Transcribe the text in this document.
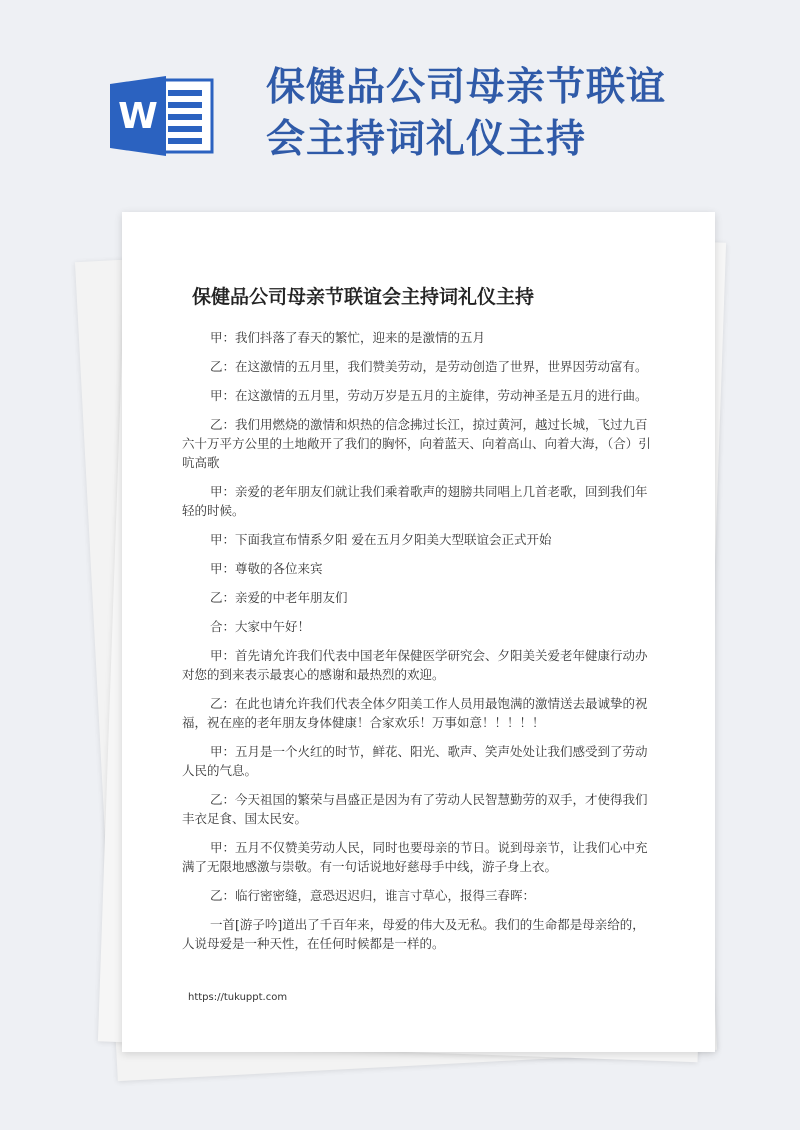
W
保健品公司母亲节联谊
会主持词礼仪主持
保健品公司母亲节联谊会主持词礼仪主持

甲：我们抖落了春天的繁忙，迎来的是激情的五月

乙：在这激情的五月里，我们赞美劳动，是劳动创造了世界，世界因劳动富有。

甲：在这激情的五月里，劳动万岁是五月的主旋律，劳动神圣是五月的进行曲。

乙：我们用燃烧的激情和炽热的信念拂过长江，掠过黄河，越过长城，飞过九百六十万平方公里的土地敞开了我们的胸怀，向着蓝天、向着高山、向着大海，（合）引吭高歌

甲：亲爱的老年朋友们就让我们乘着歌声的翅膀共同唱上几首老歌，回到我们年轻的时候。

甲：下面我宣布情系夕阳 爱在五月夕阳美大型联谊会正式开始

甲：尊敬的各位来宾

乙：亲爱的中老年朋友们

合：大家中午好！

甲：首先请允许我们代表中国老年保健医学研究会、夕阳美关爱老年健康行动办对您的到来表示最衷心的感谢和最热烈的欢迎。

乙：在此也请允许我们代表全体夕阳美工作人员用最饱满的激情送去最诚挚的祝福，祝在座的老年朋友身体健康！合家欢乐！万事如意！！！！！

甲：五月是一个火红的时节，鲜花、阳光、歌声、笑声处处让我们感受到了劳动人民的气息。

乙：今天祖国的繁荣与昌盛正是因为有了劳动人民智慧勤劳的双手，才使得我们丰衣足食、国太民安。

甲：五月不仅赞美劳动人民，同时也要母亲的节日。说到母亲节，让我们心中充满了无限地感激与崇敬。有一句话说地好慈母手中线，游子身上衣。

乙：临行密密缝，意恐迟迟归，谁言寸草心，报得三春晖：

一首[游子吟]道出了千百年来，母爱的伟大及无私。我们的生命都是母亲给的，人说母爱是一种天性，在任何时候都是一样的。

https://tukuppt.com
